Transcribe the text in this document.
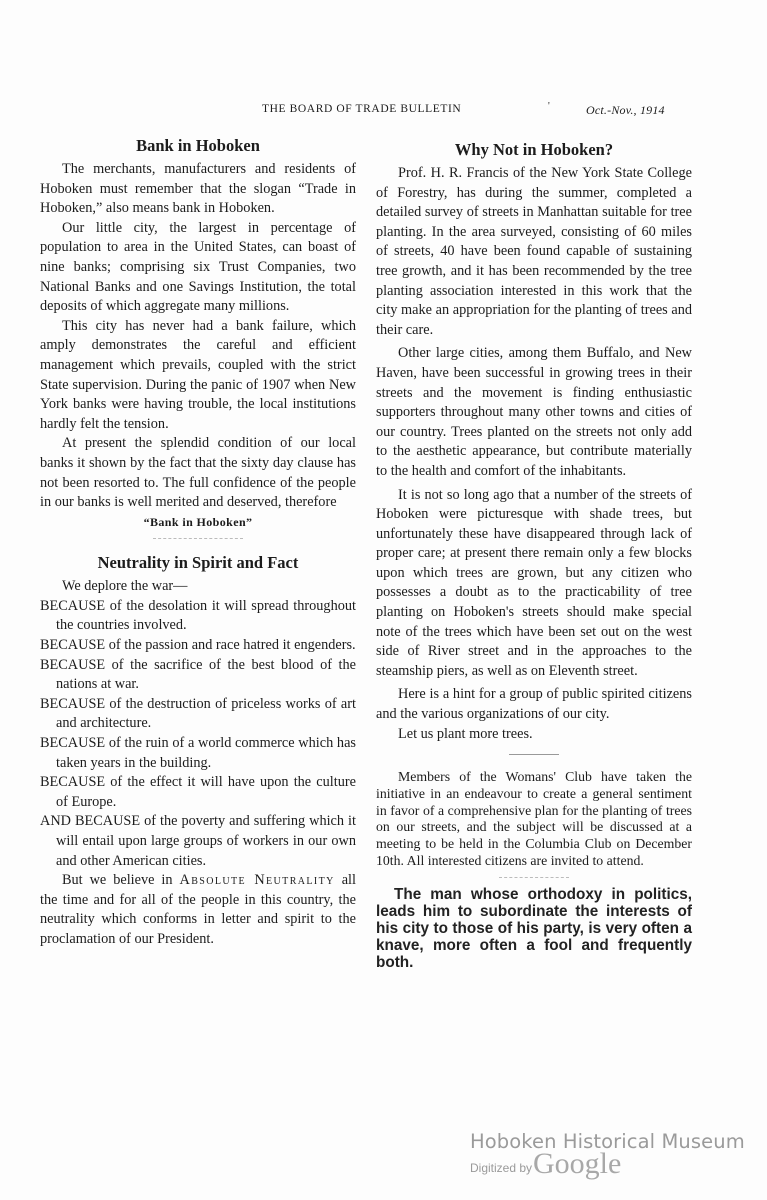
THE BOARD OF TRADE BULLETIN	'	Oct.-Nov., 1914
Bank in Hoboken

The merchants, manufacturers and residents of Hoboken must remember that the slogan “Trade in Hoboken,” also means bank in Hoboken.

Our little city, the largest in percentage of population to area in the United States, can boast of nine banks; comprising six Trust Companies, two National Banks and one Savings Institution, the total deposits of which aggregate many millions.

This city has never had a bank failure, which amply demonstrates the careful and efficient management which prevails, coupled with the strict State supervision. During the panic of 1907 when New York banks were having trouble, the local institutions hardly felt the tension.

At present the splendid condition of our local banks it shown by the fact that the sixty day clause has not been resorted to. The full confidence of the people in our banks is well merited and deserved, therefore

“Bank in Hoboken”

Neutrality in Spirit and Fact

We deplore the war—

BECAUSE of the desolation it will spread throughout the countries involved.

BECAUSE of the passion and race hatred it engenders.

BECAUSE of the sacrifice of the best blood of the nations at war.

BECAUSE of the destruction of priceless works of art and architecture.

BECAUSE of the ruin of a world commerce which has taken years in the building.

BECAUSE of the effect it will have upon the culture of Europe.

AND BECAUSE of the poverty and suffering which it will entail upon large groups of workers in our own and other American cities.

But we believe in Absolute Neutrality all the time and for all of the people in this country, the neutrality which conforms in letter and spirit to the proclamation of our President.

Why Not in Hoboken?

Prof. H. R. Francis of the New York State College of Forestry, has during the summer, completed a detailed survey of streets in Manhattan suitable for tree planting. In the area surveyed, consisting of 60 miles of streets, 40 have been found capable of sustaining tree growth, and it has been recommended by the tree planting association interested in this work that the city make an appropriation for the planting of trees and their care.

Other large cities, among them Buffalo, and New Haven, have been successful in growing trees in their streets and the movement is finding enthusiastic supporters throughout many other towns and cities of our country. Trees planted on the streets not only add to the aesthetic appearance, but contribute materially to the health and comfort of the inhabitants.

It is not so long ago that a number of the streets of Hoboken were picturesque with shade trees, but unfortunately these have disappeared through lack of proper care; at present there remain only a few blocks upon which trees are grown, but any citizen who possesses a doubt as to the practicability of tree planting on Hoboken's streets should make special note of the trees which have been set out on the west side of River street and in the approaches to the steamship piers, as well as on Eleventh street.

Here is a hint for a group of public spirited citizens and the various organizations of our city.

Let us plant more trees.

Members of the Womans' Club have taken the initiative in an endeavour to create a general sentiment in favor of a comprehensive plan for the planting of trees on our streets, and the subject will be discussed at a meeting to be held in the Columbia Club on December 10th. All interested citizens are invited to attend.

The man whose orthodoxy in politics, leads him to subordinate the interests of his city to those of his party, is very often a knave, more often a fool and frequently both.

Hoboken Historical Museum
Digitized by Google
